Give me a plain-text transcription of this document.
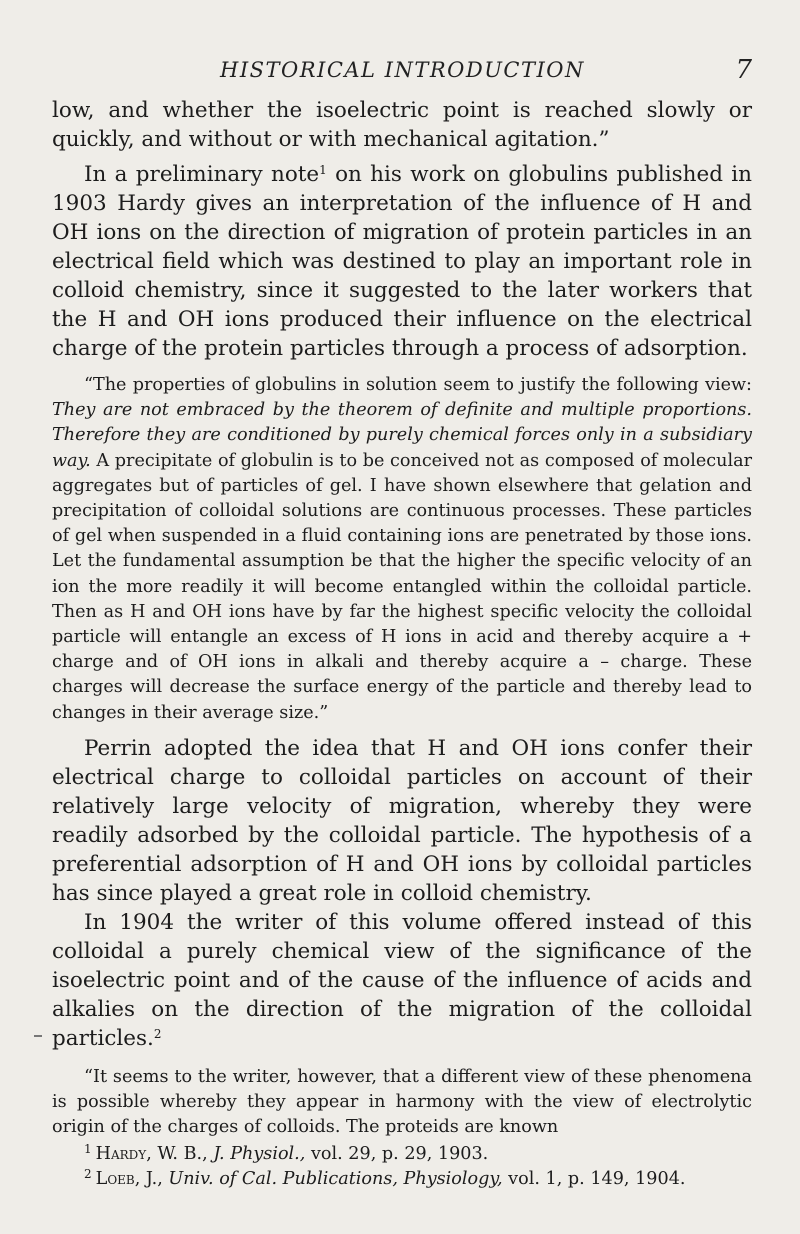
HISTORICAL INTRODUCTION	7

low, and whether the isoelectric point is reached slowly or quickly, and without or with mechanical agitation.”

In a preliminary note$^1$ on his work on globulins published in 1903 Hardy gives an interpretation of the influence of H and OH ions on the direction of migration of protein particles in an electrical field which was destined to play an important role in colloid chemistry, since it suggested to the later workers that the H and OH ions produced their influence on the electrical charge of the protein particles through a process of adsorption.

“The properties of globulins in solution seem to justify the following view: They are not embraced by the theorem of definite and multiple proportions. Therefore they are conditioned by purely chemical forces only in a subsidiary way. A precipitate of globulin is to be conceived not as composed of molecular aggregates but of particles of gel. I have shown elsewhere that gelation and precipitation of colloidal solutions are continuous processes. These particles of gel when suspended in a fluid containing ions are penetrated by those ions. Let the fundamental assumption be that the higher the specific velocity of an ion the more readily it will become entangled within the colloidal particle. Then as H and OH ions have by far the highest specific velocity the colloidal particle will entangle an excess of H ions in acid and thereby acquire a + charge and of OH ions in alkali and thereby acquire a – charge. These charges will decrease the surface energy of the particle and thereby lead to changes in their average size.”

Perrin adopted the idea that H and OH ions confer their electrical charge to colloidal particles on account of their relatively large velocity of migration, whereby they were readily adsorbed by the colloidal particle. The hypothesis of a preferential adsorption of H and OH ions by colloidal particles has since played a great role in colloid chemistry.

In 1904 the writer of this volume offered instead of this colloidal a purely chemical view of the significance of the isoelectric point and of the cause of the influence of acids and alkalies on the direction of the migration of the colloidal particles.$^2$

“It seems to the writer, however, that a different view of these phenomena is possible whereby they appear in harmony with the view of electrolytic origin of the charges of colloids. The proteids are known

$^1$ Hardy, W. B., J. Physiol., vol. 29, p. 29, 1903.

$^2$ Loeb, J., Univ. of Cal. Publications, Physiology, vol. 1, p. 149, 1904.
